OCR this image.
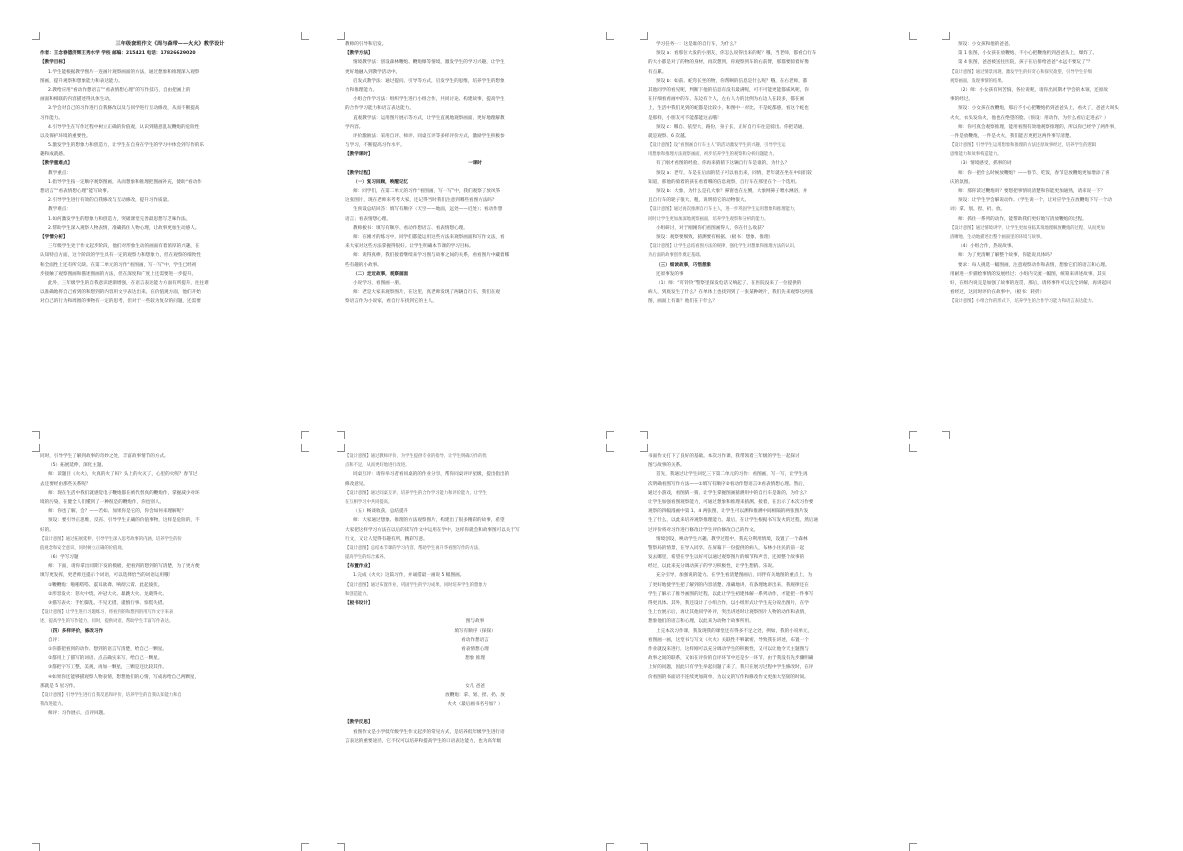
三年级套班作文《周与森带——火火》教学设计
作者：王念春德济辉王秀水学 学校 邮编：215421 电话：17826629020
【教学目标】
1.学生能根据教学图片一连画片观察画面的方法，通过想象和推理深入观察
图画，提升观察和想象能力和表达能力。
2.教给应用“看动作想语言”“看表情想心理”的写作技巧，自由把画上的
画面和相联的内容描述得具体生动。
3.学会对自己的习作进行自我修改以及与同学进行互动修改，从而不断提高
习作能力。
4.引导学生在写作过程中树立正确的价值观，认识到随意乱玩鞭炮的危险性
以及保护环境的重要性。
5.激发学生的想象力和创造力，让学生在自身在学生的学习中体会到写作的乐
趣和成就感。
【教学重难点】
教学重点：
1.指导学生按一定顺序观察图画，从而想象和推理把图画补充，使助“看动作
想语言”“看表情想心理”能写故事。
2.引导学生进行有效的自我修改与互动修改，提升习作质量。
教学难点：
1.如何激发学生的想象力和创造力，突破课堂完善最思想写乏味作法。
2.帮助学生深入观察人物表情，准确抓住人物心理，让故事更加生动感人。
【学情分析】
三年级学生处于作文起步阶段，他们对形象生动的画面有着浓厚的兴趣，在
认知特点方面，这个阶段的学生具有一定的观察力和想象力，但在观察的细致性
和全面性上还有所欠缺。在第二单元的习作“看图画，写一写”中，学生已经初
步接触了观察图画和描述图画的方法，但在深度和广度上还需要进一步提升。
此外，三年级学生的自我意识逐渐增强，在语言表达能力方面有所提升，往往难
以准确地将自己看到的和想到的内容用文字表达出来。在价值观方面，他们开始
对自己的行为和周围的事物有一定的思考，但对于一些较为复杂的问题，还需要
教师的引导和启发。
【教学方法】
情境教学法：创设森林鞭炮、鞭炮爆等情境，激发学生的学习兴趣，让学生
更好地融入到教学活动中。
启发式教学法：通过提问、引导等方式，启发学生的思维，培养学生的想象
力和推理能力。
小组合作学习法：组织学生进行小组合作，共同讨论、构建故事，提高学生
的合作学习能力和语言表达能力。
直观教学法：运用图片展示等方式，让学生直观地观察画面，更好地理解教
学内容。
评价激励法：采用自评、师评、同桌互评等多样评价方式，激励学生积极参
与学习，不断提高习作水平。
【教学课时】
一课时
【教学过程】
（一）复习回顾，唤醒记忆
师：同学们，在第二单元的习作“看图画，写一写”中，我们观察了放风筝
这张图片，现在老师来考考大家，还记得当时我们注意到哪些看图方法吗？
生预设总结回答：填写有顺序（天空——地面，远处——近处）；看动作想
语言；看表情想心理。
教师板书：填写有顺序、看动作想语言、看表情想心理。
师：在刚才的练习中，同学们都能运用这些方法来观察画面和写作文法，看
来大家对这些方法掌握得很好。让学生明确本节课的学习目标。
师：说得真棒，我们接着继续来学习图与故事之间的关系，看看图片中藏着哪
些有趣的小故事。
（二）走近故事，观察画面
小说学习，看图画一册。
师：老是大家来观察图片，在这里，真老师发现了两辆自行车，我们在观
察语言作为小说家，看自行车找到它的主人。
学习任务一：这是谁的自行车，为什么？
预设 a：看那位大发的小朋友，你怎么说得出来的呢？哦，当老师，都看自行车
的大小都是对了的物的身材，再次想到，你观察到车的右前臂，那都要骑着好像
有点累。
预设 b：如前、蛇弯长坐的物，你帮啊的信息是什么呢？哦，在右老师，都
其他同学的看见呢，判断下他的信息有没有最满呢，可不可能更能都威风呢，你
在仔细看看画中的车，东边有个人，左右人力的比例为右边人在较多，都在画
上，生活中我们见到的蛇都是比较小，和图中一对比，不是蛇都感，看这个蛇也
是那样，小朋友可不能都能这去哦！
预设 c：哪自、依型大，路份，身子长，正好自行车往是骑出。你把话通，
就是观察、6 次越。
【设计意图】设“看图画自行车主人”的活动激发学生的兴趣，引导学生运
用想象和推理方法观察画面，初步培养学生的观察和分析问题能力。
有了刚才看图的经验，你再来猜猜下这辆自行车是谁的，为什么？
预设 a：老年，车是在后面的装子可以看出来，同情，老年就在坐在中间们较
知道，那他的骑着的孩在看着哪的信息观察，自行车在那里在个一个选用。
预设 b：大象，为什么是孔大象？鼻窗也在左侧，大象网鼻子喂水淋浴，并
且自行车的轮子很大，粗，说明骑它的动物很大。
【设计意图】通过再次推测自行车主人，进一步巩固学生运用想象和推理能力，
同时让学生更加加深地观察画面，培养学生观察和分析的能力。
小组研讨，对于刚刚你们看图画得人，你在什么收获？
预设：观察要细致、猜测要有根据、（板书：想象、推理）
【设计意图】让学生总结看图方法的规律，强化学生对想象和推理方法的认识，
为后面的故事创作奠定基础。
（三）细读故事，巧悟想象
还原事发的事
（1）师：“叮铃铃”警察里探发电话又响起了，在医院没来了一位提供的
病人，到底发生了什么？在单体上也找到到了一张某种硬片，我们先来观察这两张
图，画面上有谁？他们在干什么？
预设：小女孩和他的爸爸。
第 1 张图，小女孩在放鞭炮，不小心把鞭炮扔到爸爸头上，爆炸了。
第 4 张图，爸爸被送往医院，孩子在后排给爸爸“永远不要玩了”？
【设计意图】通过情景再现，激发学生的好奇心和探究欲望，引导学生仔细
观察画面，发现事情的结果。
（2）师：小女孩有何苦恼，各位说呢，请你出同期才学会的本领，还原故
事的经过。
预设：小女孩在放鞭炮，那后不小心把鞭炮扔到爸爸头上，看火了，爸爸大叫头
火火，衣头发角火，他也在绝望的脸。（预设：用动作，为什么看后走进去？）
师：你可真会观察推理，能用看图有效地观察推理的，所以你已经学了两件事，
一件是放鞭炮，一件是火火，我们能否更把这两件事写清楚。
【设计意图】引导学生运用想象和推理的方法还原故事经过，培养学生的逻辑
思维能力和故事构造能力。
（3）情境感受，抓事的词
师：你一把什么时候放鞭炮？——春节、吃饭，春节是放鞭炮更加增添了喜
庆的氛围。
师：那你读过鞭炮吗？要想把事情说清楚和你能更加通熟，请来说一下？
预设：让学生学会解说动作。（学生说一个，让对应学生在放鞭炮下写一个动
词）拿、划、捏、扔、放。
师：抓住一系列的动作，能帮助我们更好地写清放鞭炮的过程。
【设计意图】通过情境讲学，让学生更加身临其境地理解放鞭炮的过程，从而更加
清晰地、生动地描述出整个画面里的环境与故事。
（4）小组合作，热说故事。
师：为了更清晰了解整个故事，你能说具体吗？
要求：每人挑选一幅图画，注意观察动作和表情，想象它们的语言和心理。
用耐进一步描绘事情的发展经过；小组内交流一幅图，统筹来讲述故事，其实
好，在组内说完是加强了故事的连贯，那后，请将事件可以完全讲解，再讲起回
看经过，这同时评价在故事中。（板书：转折）
【设计意图】小组合作的形式下，培养学生的合作学习能力和语言表达能力。
同时，引导学生了解到故事的奇妙之处，丰富故事情节的方式。
（5）拓展延伸，深化主题。
师：读题目《火火》，火真的火了吗？头上的火灭了，心里的火呢？春节过
去还要经由那些关系呢？
师：现在生活中我们就感觉电子鞭炮都在被代替真的鞭炮作，掌握减少对环
境的污染，在健全人们懂到了一种很是的鞭炮作，你也别人。
师：你也了解，会？——若如、加果你是它的，你会如何来理解呢？
预设：要引导正思维，反省、引导学生正确的价值事物，这样是危险的，不
好的。
【设计意图】通过拓展延伸，引导学生深入思考故事的内涵，培养学生的价
值观念和安全意识，同时树立正确的价值观。
（6）学写习题
师：下面，请你拿出同期下发的模板，把看到的想到的写清楚，为了更方便
填写更发挥，更老师还提示个词语，可以选择恰当的词语运用哦！
①鞭鞭炮：啪啪嗒嗒、震耳欲聋、响彻云霄、此起彼伏。
②形容发火：怒火中烧、冲冠大火、暴跳大火、龙葳得火。
③描写表火：手忙脚乱、不见无措、谨慎行事、惊慌失措。
【设计意图】让学生进行习题练习，将看到的和想到的用写作文字来表
述，提高学生的写作能力，同时，提供词语，帮助学生丰富写作表达。
（四）多样评价，修改习作
自评：
①你都把看到的动作、想到的语言写清楚，给自己一颗星。
②都用上了描写的词语、点击确实来写，给自己一颗星。
③都把字写工整，美观，再加一颗星，三颗是还比较其作。
④如果你还能够描观察人物表情，想想他们的心情，写成再给自己两颗星，
那就是 5 星习作。
【设计意图】引导学生进行自我反思和评价，培养学生的自我认知能力和自
我改进能力。
师评：习作展示，点评回题。
【设计意图】通过教师评价，为学生提供专业的指导，让学生明确习作的优
点和不足，从而更好地进行改进。
同桌互评：请你举习者看同桌的的作业分享，帮你同桌评评星级，提出指出的
修改意见。
【设计意图】通过同桌互评，培养学生的合作学习能力和评价能力，让学生
在互相学习中共同提高。
（五）畅谈收获，总结提升
师：大家通过想象、推理的方法观察图片，构建出了很多精彩的故事，希望
大家把这样学习方法在以后的读写作文中运用在学中，这样你就会和故事图可以关于写
行文，又让人觉得有趣有所，精彩写意。
【设计意图】总结本节课的学习内容，帮助学生再升华看图写作的方法，
提高学生的综合素养。
【布置作业】
1.完成《火火》这篇习作，并诵借最一画说 5 幅图画。
【设计意图】通过布置作业，巩固学生的学习成果，同时培养学生的想象力
和创造能力。
【板书设计】
图与故事
填写有顺序（探探）
看动作想语言
看表情想心理
想象 推理
女儿 爸爸
放鞭炮：拿、划、捏、扔、放
火火（最后画书名号加？）
【教学反思】
看图作文是小学低年级学生作文起步的常见方式，是培养低年级学生进行语
言表达的重要途径，它不仅可以培养和提高学生的口语表达能力，也为高年级
书面作文打下了良好的基础。本次习作课，我带领着三年级的学生一起探讨
图与故事的关系。
首先，我通过让学生回忆三下第二单元的习作：看图画，写一写，让学生再
次明确看图写作方法——①填写有顺序②看动作想语言③看表情想心理。然后，
通过小游戏，看图猜一猜，让学生掌握图画猜测用中的自行车是谁的，为什么？
让学生加强看图观察能力，可通过想象和推理来猜测。接着，在出示了本次习作要
观察的四幅漫画中第 1、4 两张图，让学生可以测和推测中间相隔的两张图片发
生了什么，以此来培养观察推理能力。最后，在让学生根据书写发火的过程，然后通
过评价将对习作进行修改让学生评价修改自己的作文。
情境创设，唤动学生兴趣。教学过程中，我充分利用情境，设置了一个森林
警察局的情景，在导入同享，在屏幕下一份提供的病人，布林小住民的前一起
发去哪里，希望在学生以好可以通过观察图片的细节和声音，还原整个故事的
经过，以此来充分调动孩子的学习积极性，让学生想猜、乐说。
充分引导，加强说的能力。在学生看清楚图画后，同伴有关地图的重点上，为
了更好地使学生把了解到的内容清楚、准确地讲，有条理地讲出来，我规律还在
学生了解示了推导画图的过程，以此让学生初建体解一系列动作，才能把一件事写
得更具体。其外，我还设计了小组合作，以小组形式让学生充分说出图片，在学
生上台展示后，再让其他同学补评，突出讲述时让观察图片人物的动作和表情，
想象他们的语言和心理，以此来为动物个故事所用。
上完本次习作课，我发现我的课堂还有得多不足之处，例如，我的小说单元，
看图画一画，这堂书与写文《火火》关联性不够紧密，导致我在讲述，布置一个
作业就没来进行，这样刚可以充分调动学生的积极性，又可以让他令天主题图与
故事之间的联系，又如在评价的自评环节中还是少一环节，由于我没有先步骤明确
上好的问题，因此只有学生举起问题了来了，我只在展习过程中学生修改时，在评
价看图的书面语不连续更加简单，为以文的写作和修改作文更加大坚韧的时间。
